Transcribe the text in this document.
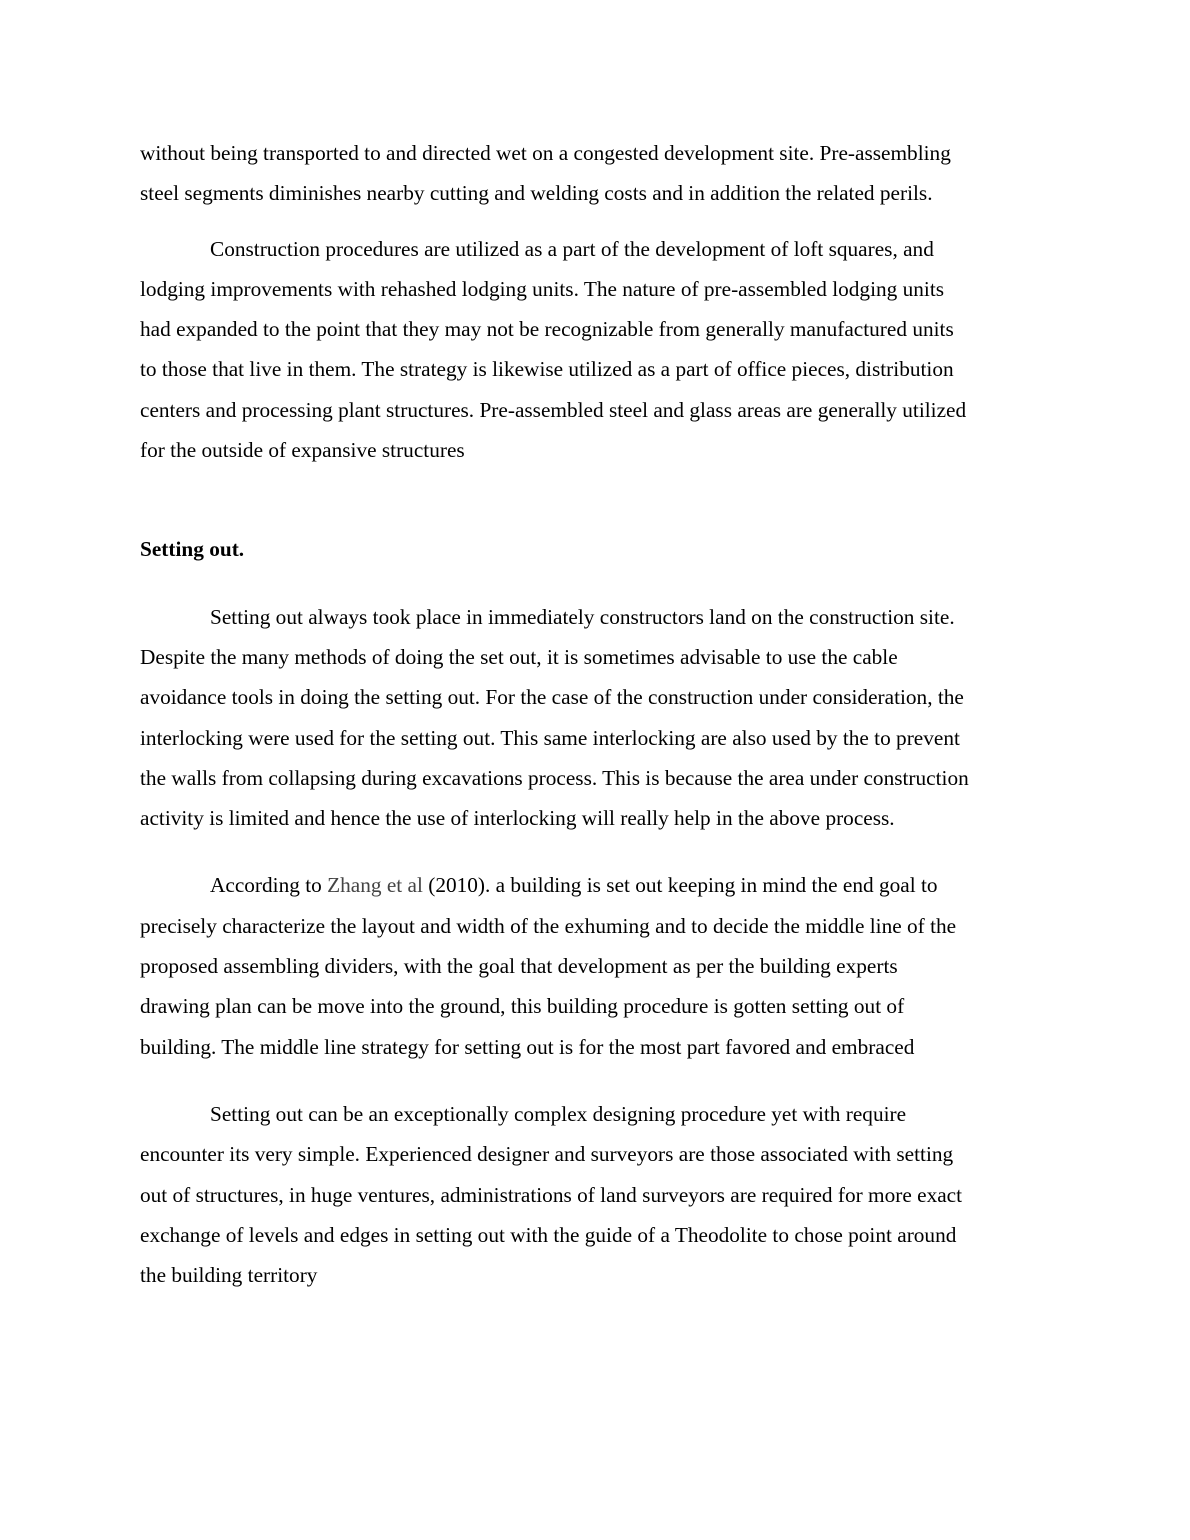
without being transported to and directed wet on a congested development site. Pre-assembling
steel segments diminishes nearby cutting and welding costs and in addition the related perils.

Construction procedures are utilized as a part of the development of loft squares, and
lodging improvements with rehashed lodging units. The nature of pre-assembled lodging units
had expanded to the point that they may not be recognizable from generally manufactured units
to those that live in them. The strategy is likewise utilized as a part of office pieces, distribution
centers and processing plant structures. Pre-assembled steel and glass areas are generally utilized
for the outside of expansive structures

Setting out.

Setting out always took place in immediately constructors land on the construction site.
Despite the many methods of doing the set out, it is sometimes advisable to use the cable
avoidance tools in doing the setting out. For the case of the construction under consideration, the
interlocking were used for the setting out. This same interlocking are also used by the to prevent
the walls from collapsing during excavations process. This is because the area under construction
activity is limited and hence the use of interlocking will really help in the above process.

According to Zhang et al (2010). a building is set out keeping in mind the end goal to
precisely characterize the layout and width of the exhuming and to decide the middle line of the
proposed assembling dividers, with the goal that development as per the building experts
drawing plan can be move into the ground, this building procedure is gotten setting out of
building. The middle line strategy for setting out is for the most part favored and embraced

Setting out can be an exceptionally complex designing procedure yet with require
encounter its very simple. Experienced designer and surveyors are those associated with setting
out of structures, in huge ventures, administrations of land surveyors are required for more exact
exchange of levels and edges in setting out with the guide of a Theodolite to chose point around
the building territory
